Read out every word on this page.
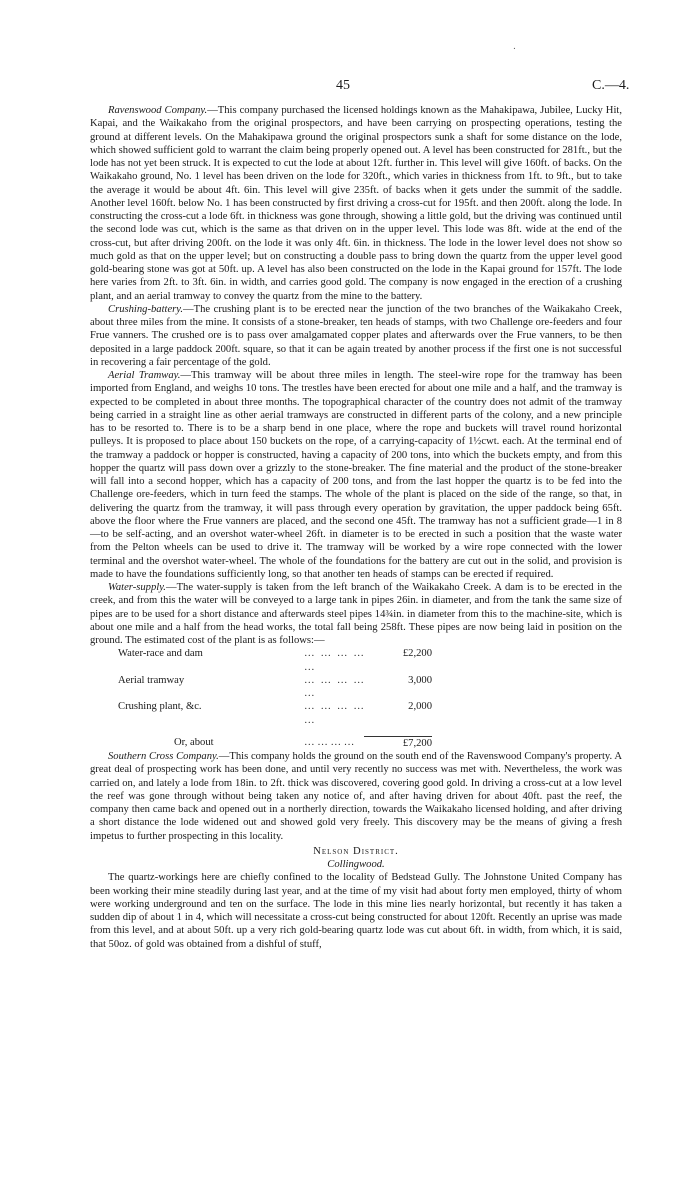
.
45	C.—4.

Ravenswood Company.—This company purchased the licensed holdings known as the Mahakipawa, Jubilee, Lucky Hit, Kapai, and the Waikakaho from the original prospectors, and have been carrying on prospecting operations, testing the ground at different levels. On the Mahakipawa ground the original prospectors sunk a shaft for some distance on the lode, which showed sufficient gold to warrant the claim being properly opened out. A level has been constructed for 281ft., but the lode has not yet been struck. It is expected to cut the lode at about 12ft. further in. This level will give 160ft. of backs. On the Waikakaho ground, No. 1 level has been driven on the lode for 320ft., which varies in thickness from 1ft. to 9ft., but to take the average it would be about 4ft. 6in. This level will give 235ft. of backs when it gets under the summit of the saddle. Another level 160ft. below No. 1 has been constructed by first driving a cross-cut for 195ft. and then 200ft. along the lode. In constructing the cross-cut a lode 6ft. in thickness was gone through, showing a little gold, but the driving was continued until the second lode was cut, which is the same as that driven on in the upper level. This lode was 8ft. wide at the end of the cross-cut, but after driving 200ft. on the lode it was only 4ft. 6in. in thickness. The lode in the lower level does not show so much gold as that on the upper level; but on constructing a double pass to bring down the quartz from the upper level good gold-bearing stone was got at 50ft. up. A level has also been constructed on the lode in the Kapai ground for 157ft. The lode here varies from 2ft. to 3ft. 6in. in width, and carries good gold. The company is now engaged in the erection of a crushing plant, and an aerial tramway to convey the quartz from the mine to the battery.

Crushing-battery.—The crushing plant is to be erected near the junction of the two branches of the Waikakaho Creek, about three miles from the mine. It consists of a stone-breaker, ten heads of stamps, with two Challenge ore-feeders and four Frue vanners. The crushed ore is to pass over amalgamated copper plates and afterwards over the Frue vanners, to be then deposited in a large paddock 200ft. square, so that it can be again treated by another process if the first one is not successful in recovering a fair percentage of the gold.

Aerial Tramway.—This tramway will be about three miles in length. The steel-wire rope for the tramway has been imported from England, and weighs 10 tons. The trestles have been erected for about one mile and a half, and the tramway is expected to be completed in about three months. The topographical character of the country does not admit of the tramway being carried in a straight line as other aerial tramways are constructed in different parts of the colony, and a new principle has to be resorted to. There is to be a sharp bend in one place, where the rope and buckets will travel round horizontal pulleys. It is proposed to place about 150 buckets on the rope, of a carrying-capacity of 1½cwt. each. At the terminal end of the tramway a paddock or hopper is constructed, having a capacity of 200 tons, into which the buckets empty, and from this hopper the quartz will pass down over a grizzly to the stone-breaker. The fine material and the product of the stone-breaker will fall into a second hopper, which has a capacity of 200 tons, and from the last hopper the quartz is to be fed into the Challenge ore-feeders, which in turn feed the stamps. The whole of the plant is placed on the side of the range, so that, in delivering the quartz from the tramway, it will pass through every operation by gravitation, the upper paddock being 65ft. above the floor where the Frue vanners are placed, and the second one 45ft. The tramway has not a sufficient grade—1 in 8—to be self-acting, and an overshot water-wheel 26ft. in diameter is to be erected in such a position that the waste water from the Pelton wheels can be used to drive it. The tramway will be worked by a wire rope connected with the lower terminal and the overshot water-wheel. The whole of the foundations for the battery are cut out in the solid, and provision is made to have the foundations sufficiently long, so that another ten heads of stamps can be erected if required.

Water-supply.—The water-supply is taken from the left branch of the Waikakaho Creek. A dam is to be erected in the creek, and from this the water will be conveyed to a large tank in pipes 26in. in diameter, and from the tank the same size of pipes are to be used for a short distance and afterwards steel pipes 14¾in. in diameter from this to the machine-site, which is about one mile and a half from the head works, the total fall being 258ft. These pipes are now being laid in position on the ground. The estimated cost of the plant is as follows:—

Water-race and dam	… … … … …	£2,200
Aerial tramway	… … … … …	3,000
Crushing plant, &c.	… … … … …	2,000

Or, about	… … … …	£7,200

Southern Cross Company.—This company holds the ground on the south end of the Ravenswood Company's property. A great deal of prospecting work has been done, and until very recently no success was met with. Nevertheless, the work was carried on, and lately a lode from 18in. to 2ft. thick was discovered, covering good gold. In driving a cross-cut at a low level the reef was gone through without being taken any notice of, and after having driven for about 40ft. past the reef, the company then came back and opened out in a northerly direction, towards the Waikakaho licensed holding, and after driving a short distance the lode widened out and showed gold very freely. This discovery may be the means of giving a fresh impetus to further prospecting in this locality.

Nelson District.
Collingwood.

The quartz-workings here are chiefly confined to the locality of Bedstead Gully. The Johnstone United Company has been working their mine steadily during last year, and at the time of my visit had about forty men employed, thirty of whom were working underground and ten on the surface. The lode in this mine lies nearly horizontal, but recently it has taken a sudden dip of about 1 in 4, which will necessitate a cross-cut being constructed for about 120ft. Recently an uprise was made from this level, and at about 50ft. up a very rich gold-bearing quartz lode was cut about 6ft. in width, from which, it is said, that 50oz. of gold was obtained from a dishful of stuff,
